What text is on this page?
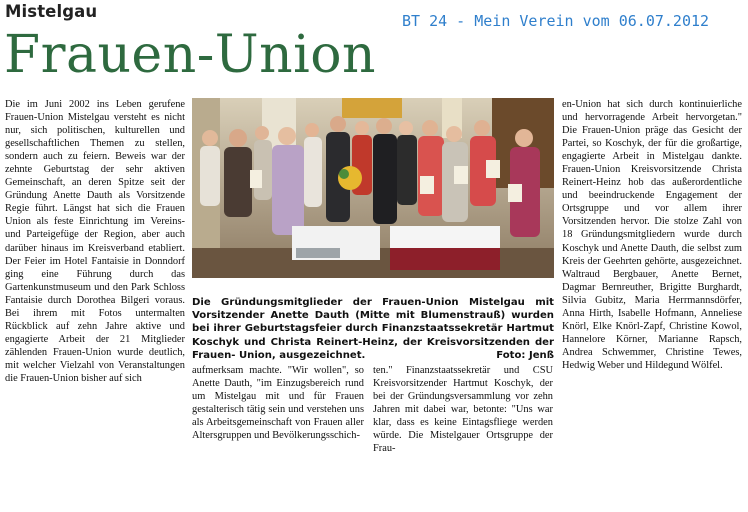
Mistelgau	BT 24 - Mein Verein vom 06.07.2012
Frauen-Union
Die im Juni 2002 ins Leben gerufene Frauen-Union Mistelgau versteht es nicht nur, sich politischen, kulturellen und gesellschaftlichen Themen zu stellen, sondern auch zu feiern. Beweis war der zehnte Geburtstag der sehr aktiven Gemeinschaft, an deren Spitze seit der Gründung Anette Dauth als Vorsitzende Regie führt. Längst hat sich die Frauen Union als feste Einrichtung im Vereins- und Parteigefüge der Region, aber auch darüber hinaus im Kreisverband etabliert. Der Feier im Hotel Fantaisie in Donndorf ging eine Führung durch das Gartenkunstmuseum und den Park Schloss Fantaisie durch Dorothea Bilgeri voraus. Bei ihrem mit Fotos untermalten Rückblick auf zehn Jahre aktive und engagierte Arbeit der 21 Mitglieder zählenden Frauen-Union wurde deutlich, mit welcher Vielzahl von Veranstaltungen die Frauen-Union bisher auf sich
Die Gründungsmitglieder der Frauen-Union Mistelgau mit Vorsitzender Anette Dauth (Mitte mit Blumenstrauß) wurden bei ihrer Geburtstagsfeier durch Finanzstaatssekretär Hartmut Koschyk und Christa Reinert-Heinz, der Kreisvorsitzenden der Frauen- Union, ausgezeichnet.	Foto: Jenß
aufmerksam machte. "Wir wollen", so Anette Dauth, "im Einzugsbereich rund um Mistelgau mit und für Frauen gestalterisch tätig sein und verstehen uns als Arbeitsgemeinschaft von Frauen aller Altersgruppen und Bevölkerungsschich-
ten." Finanzstaatssekretär und CSU Kreisvorsitzender Hartmut Koschyk, der bei der Gründungsversammlung vor zehn Jahren mit dabei war, betonte: "Uns war klar, dass es keine Eintagsfliege werden würde. Die Mistelgauer Ortsgruppe der Frau-
en-Union hat sich durch kontinuierliche und hervorragende Arbeit hervorgetan." Die Frauen-Union präge das Gesicht der Partei, so Koschyk, der für die großartige, engagierte Arbeit in Mistelgau dankte. Frauen-Union Kreisvorsitzende Christa Reinert-Heinz hob das außerordentliche und beeindruckende Engagement der Ortsgruppe und vor allem ihrer Vorsitzenden hervor. Die stolze Zahl von 18 Gründungsmitgliedern wurde durch Koschyk und Anette Dauth, die selbst zum Kreis der Geehrten gehörte, ausgezeichnet. Waltraud Bergbauer, Anette Bernet, Dagmar Bernreuther, Brigitte Burghardt, Silvia Gubitz, Maria Herrmannsdörfer, Anna Hirth, Isabelle Hofmann, Anneliese Knörl, Elke Knörl-Zapf, Christine Kowol, Hannelore Körner, Marianne Rapsch, Andrea Schwemmer, Christine Tewes, Hedwig Weber und Hildegund Wölfel.
